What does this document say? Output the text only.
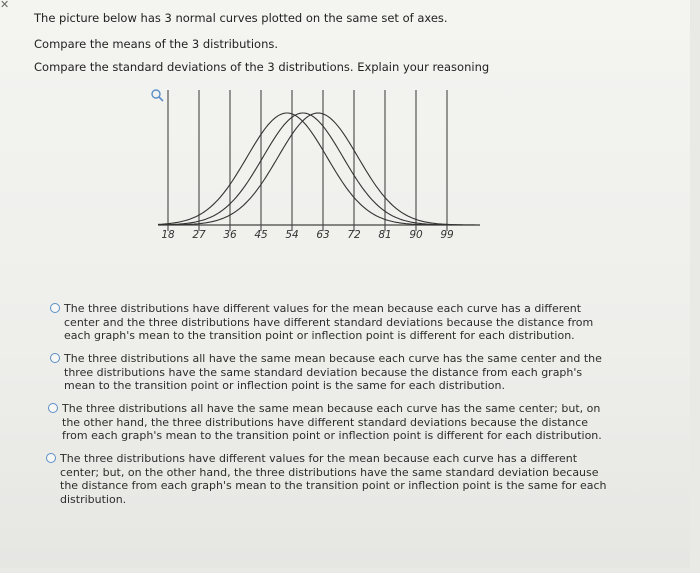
✕
The picture below has 3 normal curves plotted on the same set of axes.
Compare the means of the 3 distributions.
Compare the standard deviations of the 3 distributions. Explain your reasoning
18 27 36 45 54 63 72 81 90 99
The three distributions have different values for the mean because each curve has a different center and the three distributions have different standard deviations because the distance from each graph's mean to the transition point or inflection point is different for each distribution.
The three distributions all have the same mean because each curve has the same center and the three distributions have the same standard deviation because the distance from each graph's mean to the transition point or inflection point is the same for each distribution.
The three distributions all have the same mean because each curve has the same center; but, on the other hand, the three distributions have different standard deviations because the distance from each graph's mean to the transition point or inflection point is different for each distribution.
The three distributions have different values for the mean because each curve has a different center; but, on the other hand, the three distributions have the same standard deviation because the distance from each graph's mean to the transition point or inflection point is the same for each distribution.
